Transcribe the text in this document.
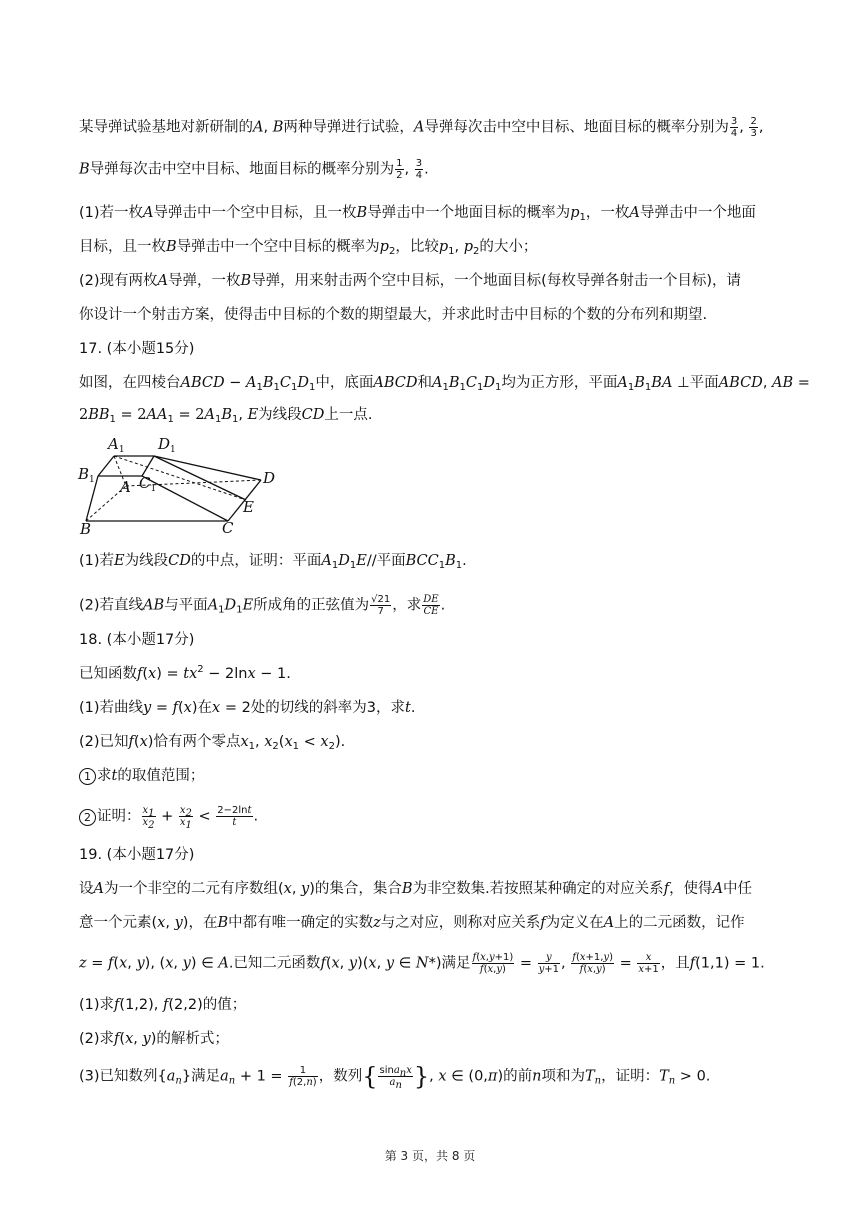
某导弹试验基地对新研制的A, B两种导弹进行试验，A导弹每次击中空中目标、地面目标的概率分别为 $\frac{3}{4}$ , $\frac{2}{3}$ ,
B导弹每次击中空中目标、地面目标的概率分别为 $\frac{1}{2}$ , $\frac{3}{4}$ .
(1)若一枚A导弹击中一个空中目标，且一枚B导弹击中一个地面目标的概率为$p_1$，一枚A导弹击中一个地面
目标，且一枚B导弹击中一个空中目标的概率为$p_2$，比较$p_1$, $p_2$的大小；
(2)现有两枚A导弹，一枚B导弹，用来射击两个空中目标，一个地面目标(每枚导弹各射击一个目标)，请
你设计一个射击方案，使得击中目标的个数的期望最大，并求此时击中目标的个数的分布列和期望.
17. (本小题15分)
如图，在四棱台ABCD − $A_1B_1C_1D_1$中，底面ABCD和$A_1B_1C_1D_1$均为正方形，平面$A_1B_1BA$ ⊥平面ABCD, AB =
$2BB_1 = 2AA_1 = 2A_1B_1$, E为线段CD上一点.
$A_1$ $D_1$
$B_1$ A $C_1$
D
E
B	C
(1)若E为线段CD的中点，证明：平面$A_1D_1E//$平面$BCC_1B_1$.
(2)若直线AB与平面$A_1D_1E$所成角的正弦值为 $\frac{√21}{7}$ ，求 $\frac{DE}{CE}$ .
18. (本小题17分)
已知函数$f(x) = tx^2 - 2\ln x - 1$.
(1)若曲线y = f(x)在x = 2处的切线的斜率为3，求t.
(2)已知f(x)恰有两个零点$x_1$, $x_2(x_1 < x_2)$.
1 求t的取值范围；
2 证明： $\frac{x_1}{x_2} + \frac{x_2}{x_1} < \frac{2-2\ln t}{t}$ .
19. (本小题17分)
设A为一个非空的二元有序数组(x, y)的集合，集合B为非空数集.若按照某种确定的对应关系f，使得A中任
意一个元素(x, y)，在B中都有唯一确定的实数z与之对应，则称对应关系f为定义在A上的二元函数，记作
z = f(x, y), (x, y) ∈ A.已知二元函数f(x, y)(x, y ∈ N*)满足 $\frac{f(x,y+1)}{f(x,y)} = \frac{y}{y+1}$ , $\frac{f(x+1,y)}{f(x,y)} = \frac{x}{x+1}$ ，且f(1,1) = 1.
(1)求f(1,2), f(2,2)的值；
(2)求f(x, y)的解析式；
(3)已知数列$\{a_n\}$满足$a_n + 1 = \frac{1}{f(2,n)}$ ，数列{ $\frac{\sin a_nx}{a_n}$ }, x ∈ (0,π)的前n项和为$T_n$，证明：$T_n > 0$.
第 3 页，共 8 页
